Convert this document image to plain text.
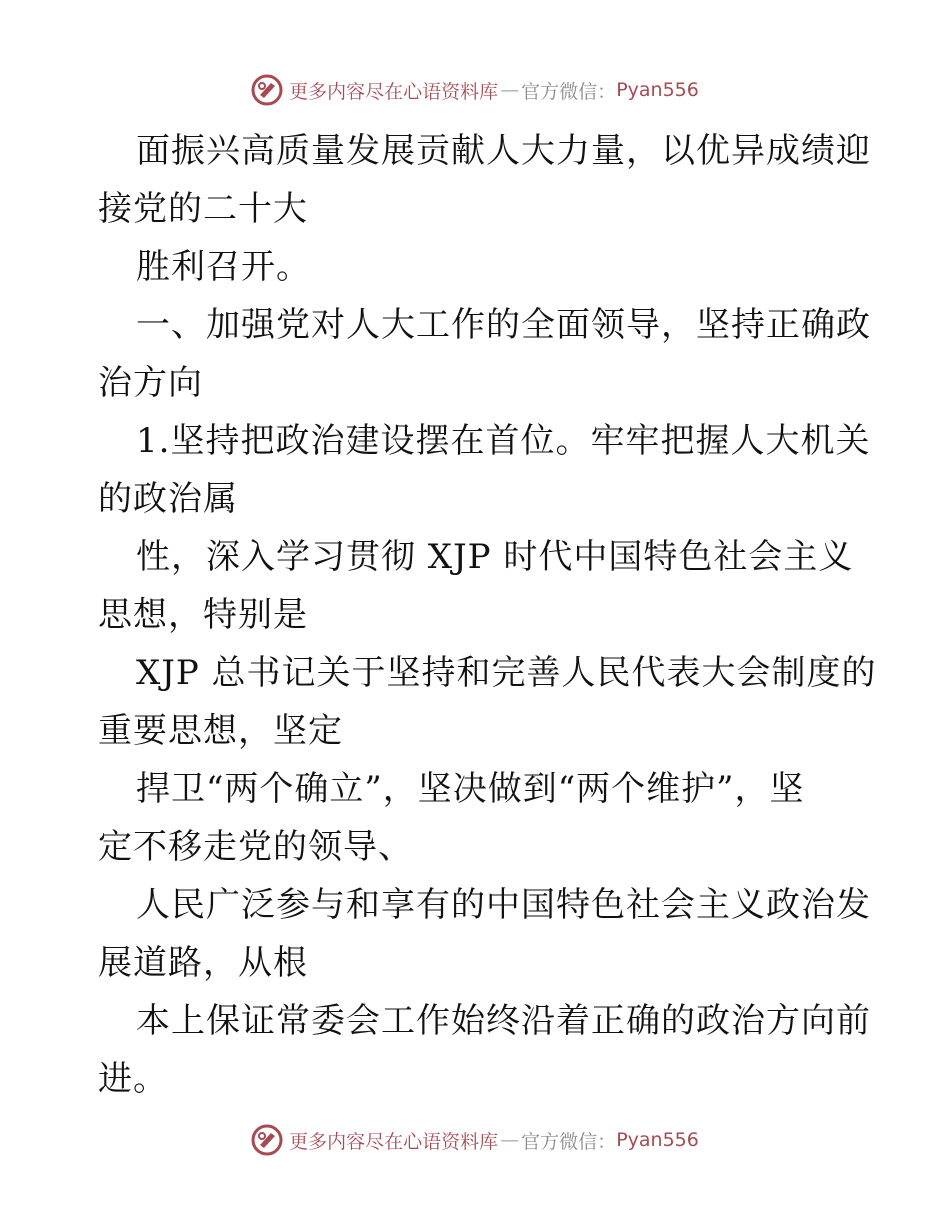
更多内容尽在心语资料库 — 官方微信： Pyan556
面振兴高质量发展贡献人大力量，以优异成绩迎
接党的二十大
胜利召开。
一、加强党对人大工作的全面领导，坚持正确政
治方向
1.坚持把政治建设摆在首位。牢牢把握人大机关
的政治属
性，深入学习贯彻 XJP 时代中国特色社会主义
思想，特别是
XJP 总书记关于坚持和完善人民代表大会制度的
重要思想，坚定
捍卫“两个确立”，坚决做到“两个维护”，坚
定不移走党的领导、
人民广泛参与和享有的中国特色社会主义政治发
展道路，从根
本上保证常委会工作始终沿着正确的政治方向前
进。
更多内容尽在心语资料库 — 官方微信： Pyan556
